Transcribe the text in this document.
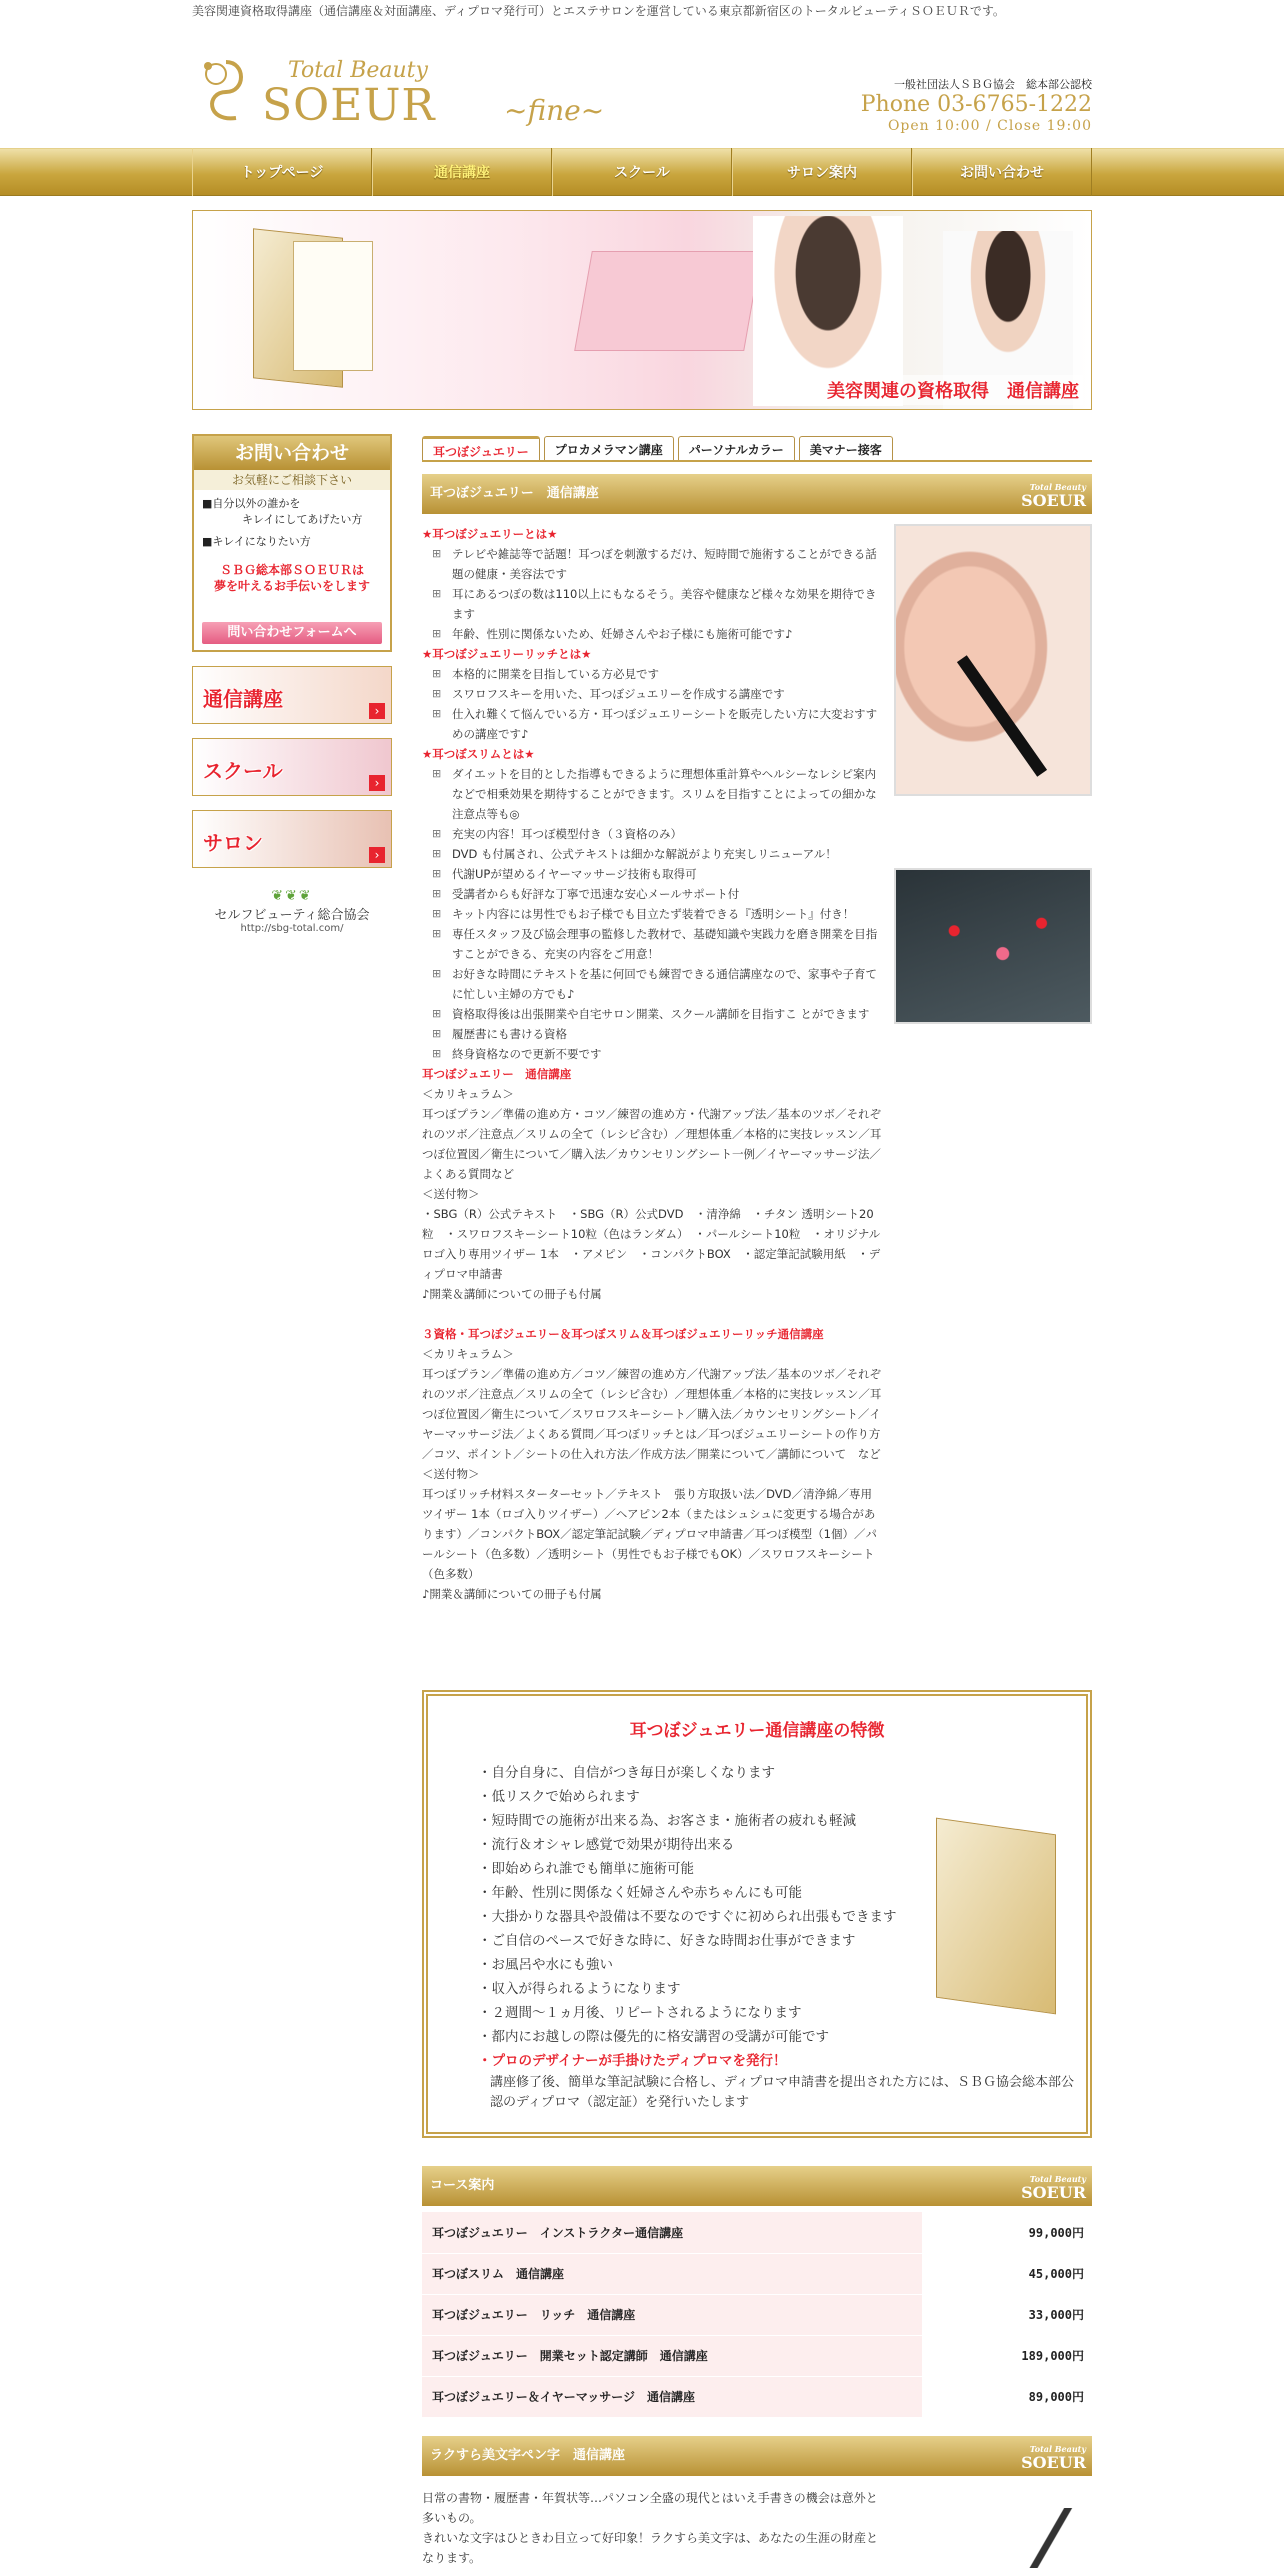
美容関連資格取得講座（通信講座＆対面講座、ディプロマ発行可）とエステサロンを運営している東京都新宿区のトータルビューティＳＯＥＵＲです。
Total Beauty
SOEUR	~fine~
一般社団法人ＳＢＧ協会　総本部公認校
Phone 03-6765-1222
Open 10:00 / Close 19:00
トップページ	通信講座	スクール	サロン案内	お問い合わせ
美容関連の資格取得　通信講座
お問い合わせ
お気軽にご相談下さい
■自分以外の誰かを
キレイにしてあげたい方
■キレイになりたい方
ＳＢＧ総本部ＳＯＥＵＲは
夢を叶えるお手伝いをします
問い合わせフォームへ
通信講座	›
スクール	›
サロン	›
❦❦❦
セルフビューティ総合協会
http://sbg-total.com/
耳つぼジュエリー	プロカメラマン講座	パーソナルカラー	美マナー接客
耳つぼジュエリー　通信講座	Total Beauty
SOEUR
★耳つぼジュエリーとは★
⊞ テレビや雑誌等で話題！耳つぼを刺激するだけ、短時間で施術することができる話題の健康・美容法です
⊞ 耳にあるつぼの数は110以上にもなるそう。美容や健康など様々な効果を期待できます
⊞ 年齢、性別に関係ないため、妊婦さんやお子様にも施術可能です♪
★耳つぼジュエリーリッチとは★
⊞ 本格的に開業を目指している方必見です
⊞ スワロフスキーを用いた、耳つぼジュエリーを作成する講座です
⊞ 仕入れ難くて悩んでいる方・耳つぼジュエリーシートを販売したい方に大変おすすめの講座です♪
★耳つぼスリムとは★
⊞ ダイエットを目的とした指導もできるように理想体重計算やヘルシーなレシピ案内などで相乗効果を期待することができます。スリムを目指すことによっての細かな注意点等も◎
⊞ 充実の内容！耳つぼ模型付き（３資格のみ）
⊞ DVD も付属され、公式テキストは細かな解説がより充実しリニューアル！
⊞ 代謝UPが望めるイヤーマッサージ技術も取得可
⊞ 受講者からも好評な丁寧で迅速な安心メールサポート付
⊞ キット内容には男性でもお子様でも目立たず装着できる『透明シート』付き！
⊞ 専任スタッフ及び協会理事の監修した教材で、基礎知識や実践力を磨き開業を目指すことができる、充実の内容をご用意！
⊞ お好きな時間にテキストを基に何回でも練習できる通信講座なので、家事や子育てに忙しい主婦の方でも♪
⊞ 資格取得後は出張開業や自宅サロン開業、スクール講師を目指すこ とができます
⊞ 履歴書にも書ける資格
⊞ 終身資格なので更新不要です
耳つぼジュエリー　通信講座
＜カリキュラム＞
耳つぼプラン／準備の進め方・コツ／練習の進め方・代謝アップ法／基本のツボ／それぞれのツボ／注意点／スリムの全て（レシピ含む）／理想体重／本格的に実技レッスン／耳つぼ位置図／衛生について／購入法／カウンセリングシート一例／イヤーマッサージ法／よくある質問など
＜送付物＞
・SBG（R）公式テキスト　・SBG（R）公式DVD　・清浄綿　・チタン 透明シート20粒　・スワロフスキーシート10粒（色はランダム）　・パールシート10粒　・オリジナルロゴ入り専用ツイザー 1本　・アメピン　・コンパクトBOX　・認定筆記試験用紙　・ディプロマ申請書
♪開業＆講師についての冊子も付属
３資格・耳つぼジュエリー＆耳つぼスリム＆耳つぼジュエリーリッチ通信講座
＜カリキュラム＞
耳つぼプラン／準備の進め方／コツ／練習の進め方／代謝アップ法／基本のツボ／それぞれのツボ／注意点／スリムの全て（レシピ含む）／理想体重／本格的に実技レッスン／耳つぼ位置図／衛生について／スワロフスキーシート／購入法／カウンセリングシート／イヤーマッサージ法／よくある質問／耳つぼリッチとは／耳つぼジュエリーシートの作り方／コツ、ポイント／シートの仕入れ方法／作成方法／開業について／講師について　など
＜送付物＞
耳つぼリッチ材料スターターセット／テキスト　張り方取扱い法／DVD／清浄綿／専用ツイザー 1本（ロゴ入りツイザー）／ヘアピン2本（またはシュシュに変更する場合があります）／コンパクトBOX／認定筆記試験／ディプロマ申請書／耳つぼ模型（1個）／パールシート（色多数）／透明シート（男性でもお子様でもOK）／スワロフスキーシート（色多数）
♪開業＆講師についての冊子も付属
耳つぼジュエリー通信講座の特徴
・ 自分自身に、自信がつき毎日が楽しくなります
・ 低リスクで始められます
・ 短時間での施術が出来る為、お客さま・施術者の疲れも軽減
・ 流行＆オシャレ感覚で効果が期待出来る
・ 即始められ誰でも簡単に施術可能
・ 年齢、性別に関係なく妊婦さんや赤ちゃんにも可能
・ 大掛かりな器具や設備は不要なのですぐに初められ出張もできます
・ ご自信のペースで好きな時に、好きな時間お仕事ができます
・ お風呂や水にも強い
・ 収入が得られるようになります
・ ２週間〜１ヵ月後、リピートされるようになります
・ 都内にお越しの際は優先的に格安講習の受講が可能です
・ プロのデザイナーが手掛けたディプロマを発行！
講座修了後、簡単な筆記試験に合格し、ディプロマ申請書を提出された方には、ＳＢＧ協会総本部公認のディプロマ（認定証）を発行いたします
コース案内	Total Beauty
SOEUR
耳つぼジュエリー　インストラクター通信講座	99,000円
耳つぼスリム　通信講座	45,000円
耳つぼジュエリー　リッチ　通信講座	33,000円
耳つぼジュエリー　開業セット認定講師　通信講座	189,000円
耳つぼジュエリー＆イヤーマッサージ　通信講座	89,000円
ラクすら美文字ペン字　通信講座	Total Beauty
SOEUR
日常の書物・履歴書・年賀状等…パソコン全盛の現代とはいえ手書きの機会は意外と多いもの。
きれいな文字はひときわ目立って好印象！ラクすら美文字は、あなたの生涯の財産となります。
